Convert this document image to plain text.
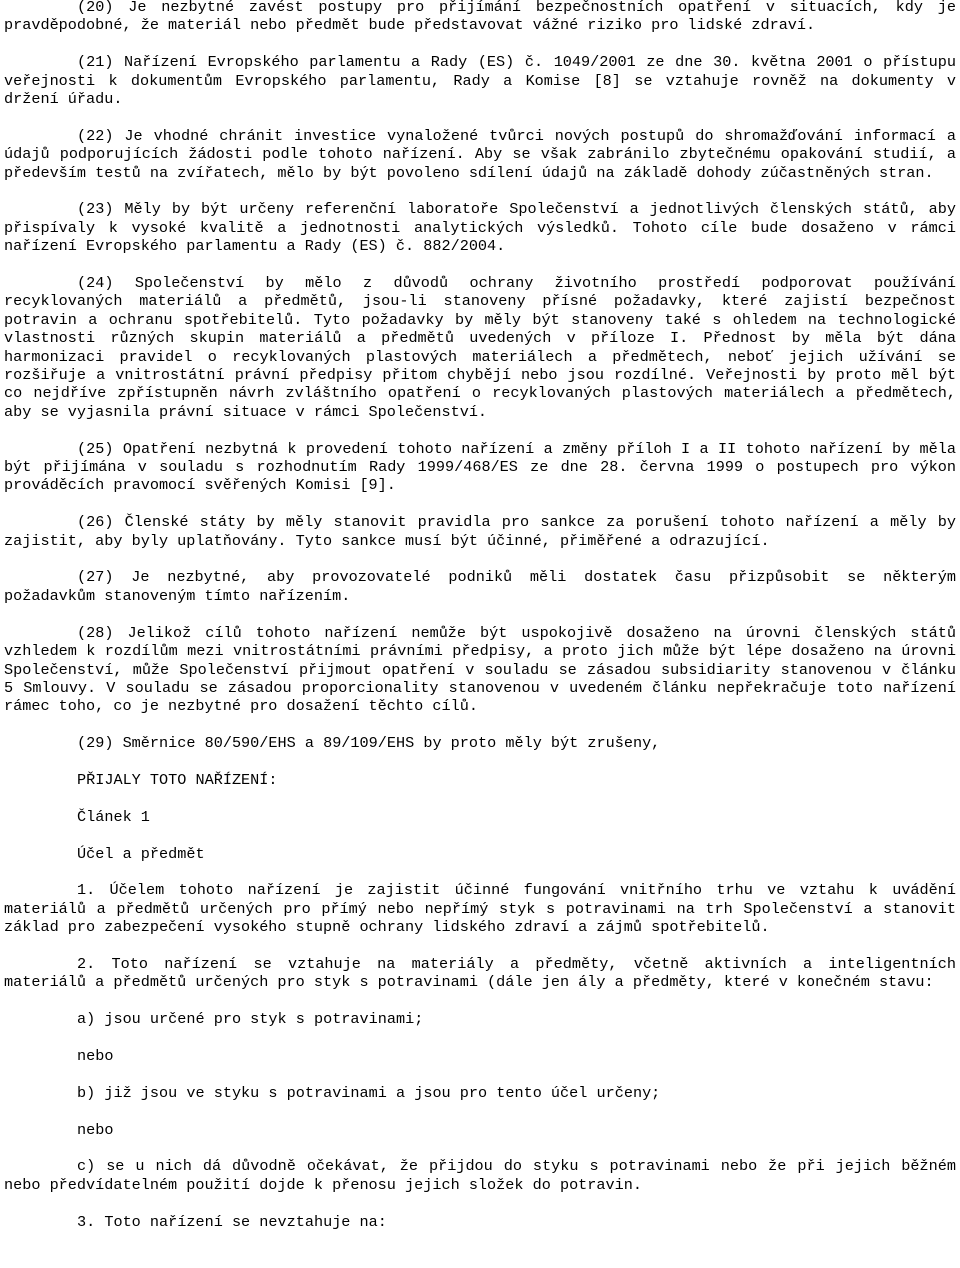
(20) Je nezbytné zavést postupy pro přijímání bezpečnostních opatření v situacích, kdy je pravděpodobné, že materiál nebo předmět bude představovat vážné riziko pro lidské zdraví.

(21) Nařízení Evropského parlamentu a Rady (ES) č. 1049/2001 ze dne 30. května 2001 o přístupu veřejnosti k dokumentům Evropského parlamentu, Rady a Komise [8] se vztahuje rovněž na dokumenty v držení úřadu.

(22) Je vhodné chránit investice vynaložené tvůrci nových postupů do shromažďování informací a údajů podporujících žádosti podle tohoto nařízení. Aby se však zabránilo zbytečnému opakování studií, a především testů na zvířatech, mělo by být povoleno sdílení údajů na základě dohody zúčastněných stran.

(23) Měly by být určeny referenční laboratoře Společenství a jednotlivých členských států, aby přispívaly k vysoké kvalitě a jednotnosti analytických výsledků. Tohoto cíle bude dosaženo v rámci nařízení Evropského parlamentu a Rady (ES) č. 882/2004.

(24) Společenství by mělo z důvodů ochrany životního prostředí podporovat používání recyklovaných materiálů a předmětů, jsou-li stanoveny přísné požadavky, které zajistí bezpečnost potravin a ochranu spotřebitelů. Tyto požadavky by měly být stanoveny také s ohledem na technologické vlastnosti různých skupin materiálů a předmětů uvedených v příloze I. Přednost by měla být dána harmonizaci pravidel o recyklovaných plastových materiálech a předmětech, neboť jejich užívání se rozšiřuje a vnitrostátní právní předpisy přitom chybějí nebo jsou rozdílné. Veřejnosti by proto měl být co nejdříve zpřístupněn návrh zvláštního opatření o recyklovaných plastových materiálech a předmětech, aby se vyjasnila právní situace v rámci Společenství.

(25) Opatření nezbytná k provedení tohoto nařízení a změny příloh I a II tohoto nařízení by měla být přijímána v souladu s rozhodnutím Rady 1999/468/ES ze dne 28. června 1999 o postupech pro výkon prováděcích pravomocí svěřených Komisi [9].

(26) Členské státy by měly stanovit pravidla pro sankce za porušení tohoto nařízení a měly by zajistit, aby byly uplatňovány. Tyto sankce musí být účinné, přiměřené a odrazující.

(27) Je nezbytné, aby provozovatelé podniků měli dostatek času přizpůsobit se některým požadavkům stanoveným tímto nařízením.

(28) Jelikož cílů tohoto nařízení nemůže být uspokojivě dosaženo na úrovni členských států vzhledem k rozdílům mezi vnitrostátními právními předpisy, a proto jich může být lépe dosaženo na úrovni Společenství, může Společenství přijmout opatření v souladu se zásadou subsidiarity stanovenou v článku 5 Smlouvy. V souladu se zásadou proporcionality stanovenou v uvedeném článku nepřekračuje toto nařízení rámec toho, co je nezbytné pro dosažení těchto cílů.

(29) Směrnice 80/590/EHS a 89/109/EHS by proto měly být zrušeny,

PŘIJALY TOTO NAŘÍZENÍ:

Článek 1

Účel a předmět

1. Účelem tohoto nařízení je zajistit účinné fungování vnitřního trhu ve vztahu k uvádění materiálů a předmětů určených pro přímý nebo nepřímý styk s potravinami na trh Společenství a stanovit základ pro zabezpečení vysokého stupně ochrany lidského zdraví a zájmů spotřebitelů.

2. Toto nařízení se vztahuje na materiály a předměty, včetně aktivních a inteligentních materiálů a předmětů určených pro styk s potravinami (dále jen ály a předměty, které v konečném stavu:

a) jsou určené pro styk s potravinami;

nebo

b) již jsou ve styku s potravinami a jsou pro tento účel určeny;

nebo

c) se u nich dá důvodně očekávat, že přijdou do styku s potravinami nebo že při jejich běžném nebo předvídatelném použití dojde k přenosu jejich složek do potravin.

3. Toto nařízení se nevztahuje na:
